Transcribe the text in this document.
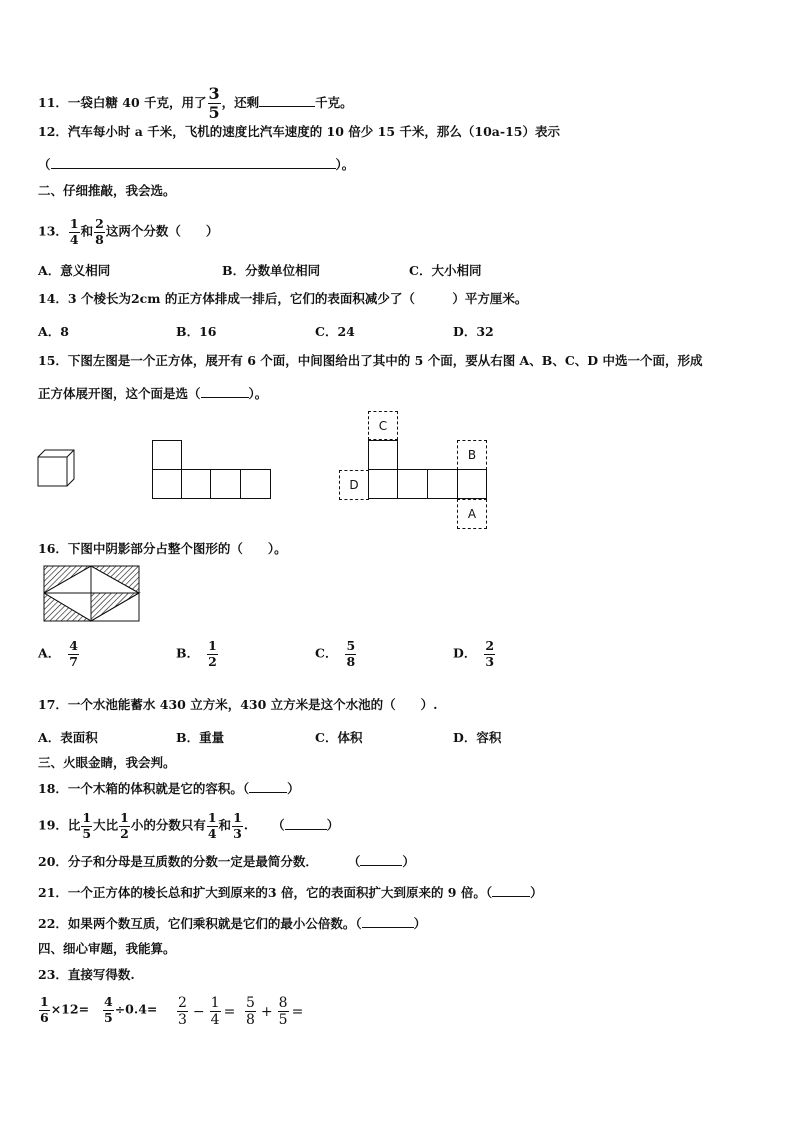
11．一袋白糖 40 千克，用了 $\frac{3}{5}$ ，还剩	千克。
12．汽车每小时 a 千米，飞机的速度比汽车速度的 10 倍少 15 千米，那么（10a-15）表示
（	）。
二、仔细推敲，我会选。
13． $\frac{1}{4}$ 和 $\frac{2}{8}$ 这两个分数（　　）
A．意义相同	B．分数单位相同	C．大小相同
14．3 个棱长为2cm 的正方体排成一排后，它们的表面积减少了（　　　）平方厘米。
A．8	B．16	C．24	D．32
15．下图左图是一个正方体，展开有 6 个面，中间图给出了其中的 5 个面，要从右图 A、B、C、D 中选一个面，形成
正方体展开图，这个面是选（	）。
C
D
B
A
16．下图中阴影部分占整个图形的（　　）。
A． $\frac{4}{7}$	B． $\frac{1}{2}$	C． $\frac{5}{8}$	D． $\frac{2}{3}$
17．一个水池能蓄水 430 立方米，430 立方米是这个水池的（　　）.
A．表面积	B．重量	C．体积	D．容积
三、火眼金睛，我会判。
18．一个木箱的体积就是它的容积。（	）
19．比 $\frac{1}{5}$ 大比 $\frac{1}{2}$ 小的分数只有 $\frac{1}{4}$ 和 $\frac{1}{3}$ . （	）
20．分子和分母是互质数的分数一定是最简分数． （	）
21．一个正方体的棱长总和扩大到原来的3 倍，它的表面积扩大到原来的 9 倍。（	）
22．如果两个数互质，它们乘积就是它们的最小公倍数。（	）
四、细心审题，我能算。
23．直接写得数.
$\frac{1}{6} \times 12= \frac{4}{5} \div 0.4= \frac{2}{3} - \frac{1}{4} = \frac{5}{8} + \frac{8}{5}$ =
